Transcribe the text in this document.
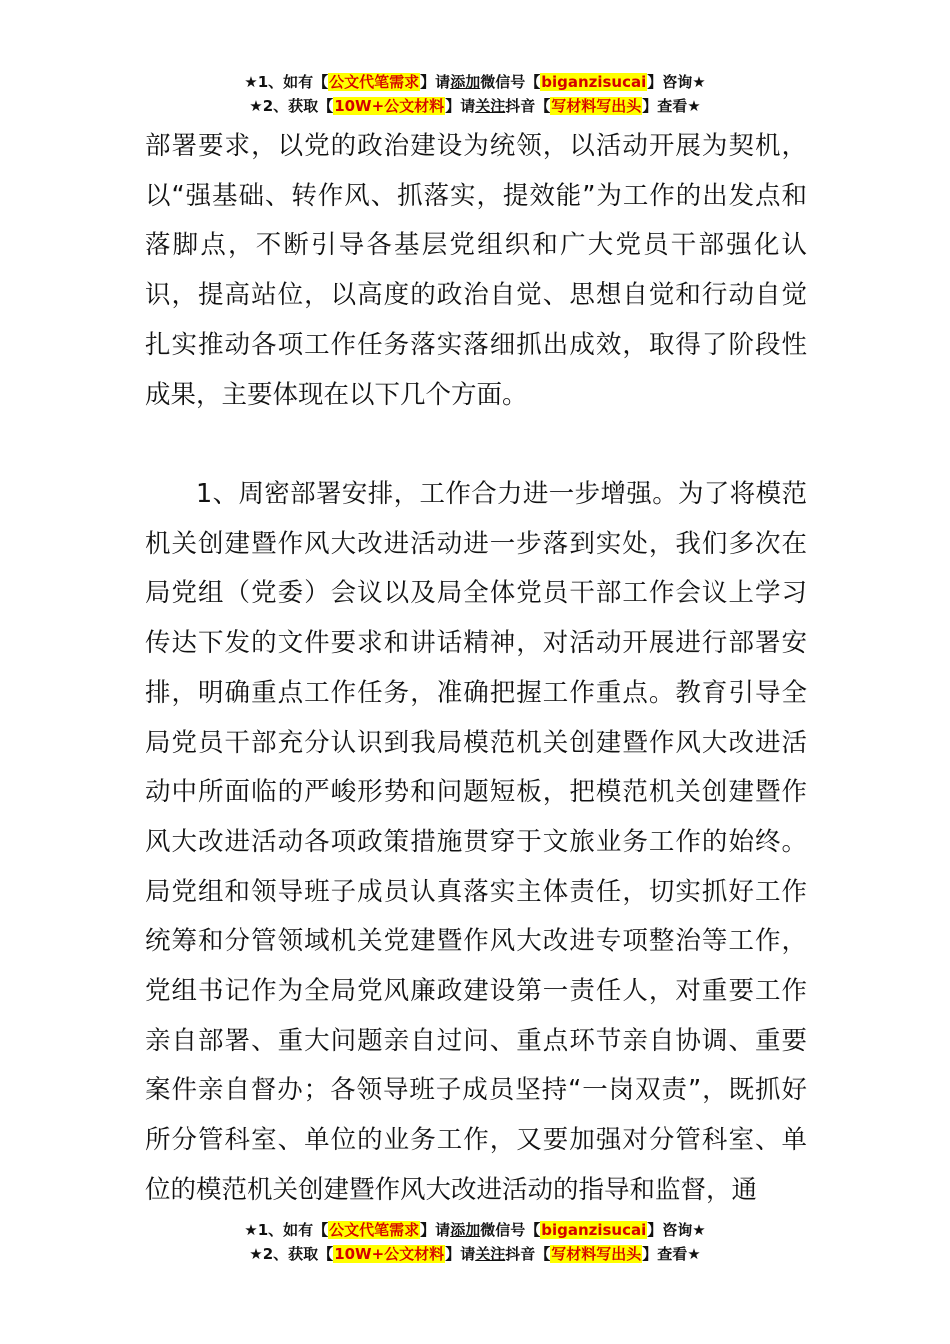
★1、如有【公文代笔需求】请添加微信号【biganzisucai】咨询★
★2、获取【10W+公文材料】请关注抖音【写材料写出头】查看★

部署要求，以党的政治建设为统领，以活动开展为契机，以“强基础、转作风、抓落实，提效能”为工作的出发点和落脚点，不断引导各基层党组织和广大党员干部强化认识，提高站位，以高度的政治自觉、思想自觉和行动自觉扎实推动各项工作任务落实落细抓出成效，取得了阶段性成果，主要体现在以下几个方面。

1、周密部署安排，工作合力进一步增强。为了将模范机关创建暨作风大改进活动进一步落到实处，我们多次在局党组（党委）会议以及局全体党员干部工作会议上学习传达下发的文件要求和讲话精神，对活动开展进行部署安排，明确重点工作任务，准确把握工作重点。教育引导全局党员干部充分认识到我局模范机关创建暨作风大改进活动中所面临的严峻形势和问题短板，把模范机关创建暨作风大改进活动各项政策措施贯穿于文旅业务工作的始终。局党组和领导班子成员认真落实主体责任，切实抓好工作统筹和分管领域机关党建暨作风大改进专项整治等工作，党组书记作为全局党风廉政建设第一责任人，对重要工作亲自部署、重大问题亲自过问、重点环节亲自协调、重要案件亲自督办；各领导班子成员坚持“一岗双责”，既抓好所分管科室、单位的业务工作，又要加强对分管科室、单位的模范机关创建暨作风大改进活动的指导和监督，通

★1、如有【公文代笔需求】请添加微信号【biganzisucai】咨询★
★2、获取【10W+公文材料】请关注抖音【写材料写出头】查看★
